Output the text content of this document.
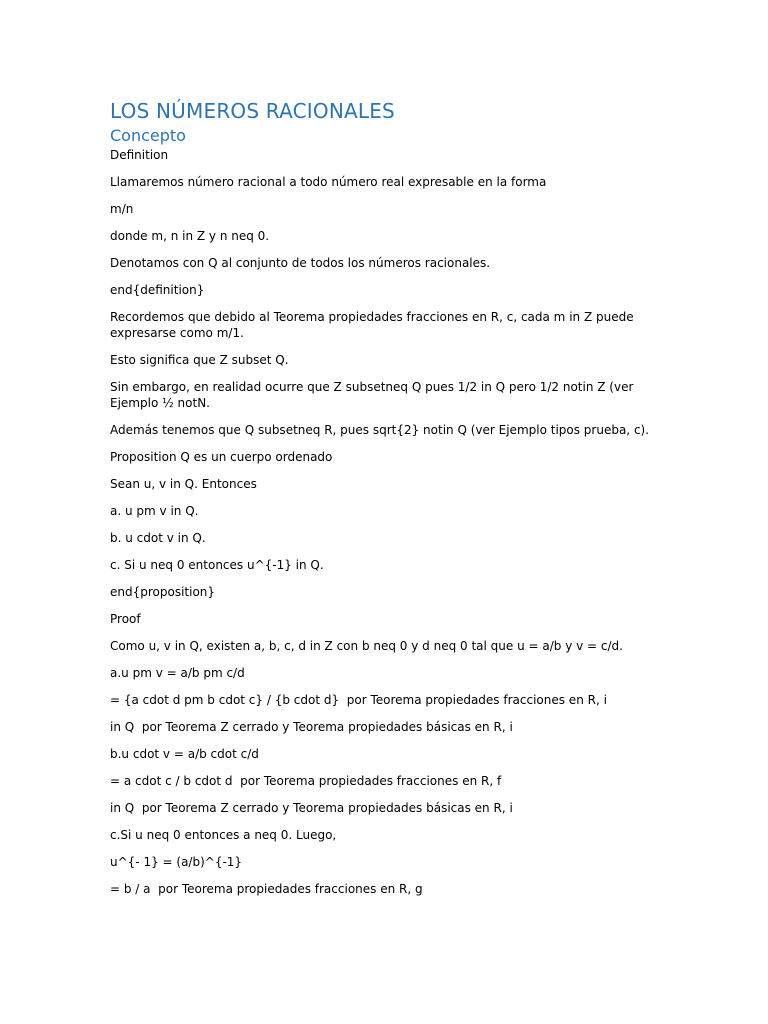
LOS NÚMEROS RACIONALES
Concepto

Definition

Llamaremos número racional a todo número real expresable en la forma

m/n

donde m, n in Z y n neq 0.

Denotamos con Q al conjunto de todos los números racionales.

end{definition}

Recordemos que debido al Teorema propiedades fracciones en R, c, cada m in Z puede expresarse como m/1.

Esto significa que Z subset Q.

Sin embargo, en realidad ocurre que Z subsetneq Q pues 1/2 in Q pero 1/2 notin Z (ver Ejemplo ½ notN.

Además tenemos que Q subsetneq R, pues sqrt{2} notin Q (ver Ejemplo tipos prueba, c).

Proposition Q es un cuerpo ordenado

Sean u, v in Q. Entonces

a. u pm v in Q.

b. u cdot v in Q.

c. Si u neq 0 entonces u^{-1} in Q.

end{proposition}

Proof

Como u, v in Q, existen a, b, c, d in Z con b neq 0 y d neq 0 tal que u = a/b y v = c/d.

a.u pm v = a/b pm c/d

= {a cdot d pm b cdot c} / {b cdot d}  por Teorema propiedades fracciones en R, i

in Q  por Teorema Z cerrado y Teorema propiedades básicas en R, i

b.u cdot v = a/b cdot c/d

= a cdot c / b cdot d  por Teorema propiedades fracciones en R, f

in Q  por Teorema Z cerrado y Teorema propiedades básicas en R, i

c.Si u neq 0 entonces a neq 0. Luego,

u^{- 1} = (a/b)^{-1}

= b / a  por Teorema propiedades fracciones en R, g
